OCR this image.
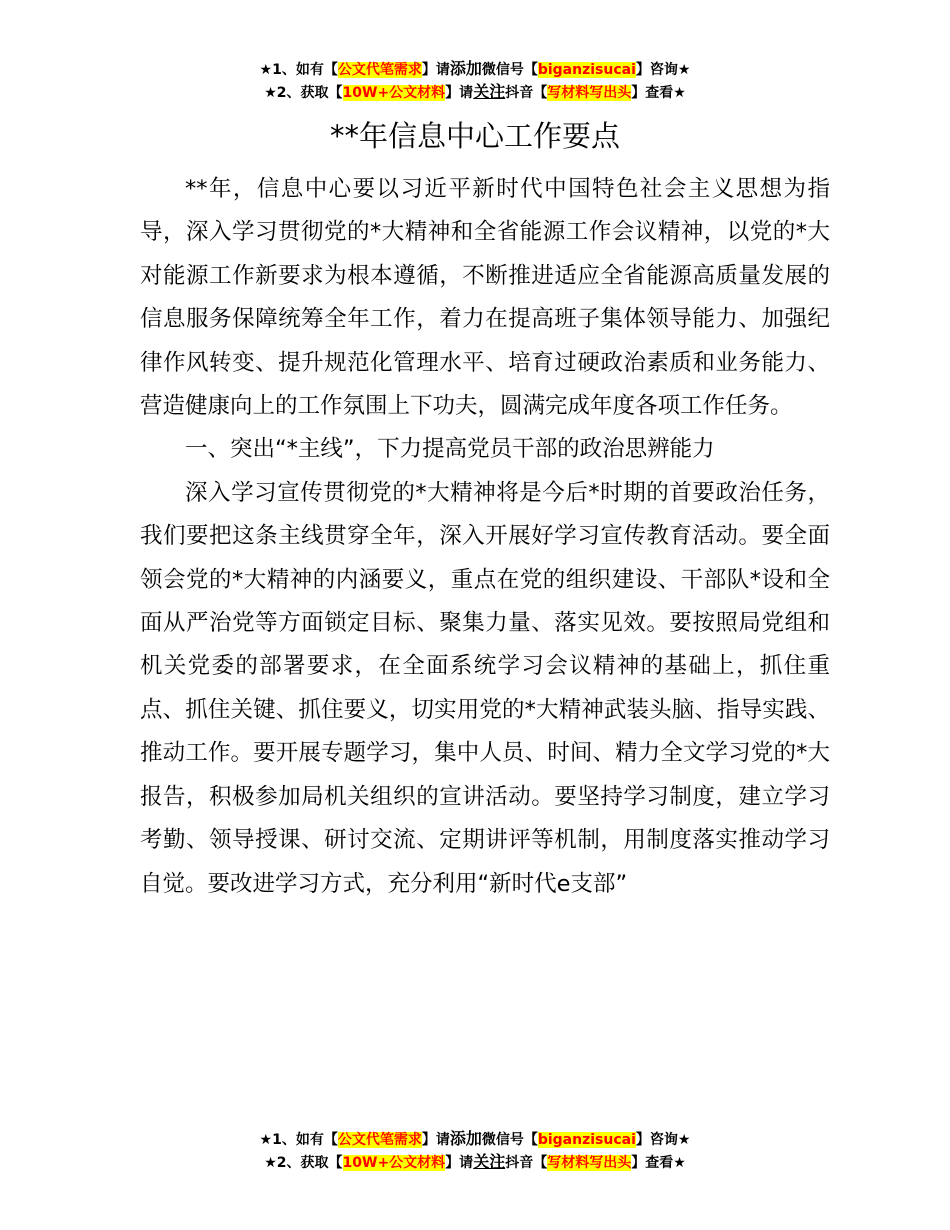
★1、如有【公文代笔需求】请添加微信号【biganzisucai】咨询★
★2、获取【10W+公文材料】请关注抖音【写材料写出头】查看★
**年信息中心工作要点

**年，信息中心要以习近平新时代中国特色社会主义思想为指导，深入学习贯彻党的*大精神和全省能源工作会议精神，以党的*大对能源工作新要求为根本遵循，不断推进适应全省能源高质量发展的信息服务保障统筹全年工作，着力在提高班子集体领导能力、加强纪律作风转变、提升规范化管理水平、培育过硬政治素质和业务能力、营造健康向上的工作氛围上下功夫，圆满完成年度各项工作任务。

一、突出“*主线”，下力提高党员干部的政治思辨能力

深入学习宣传贯彻党的*大精神将是今后*时期的首要政治任务，我们要把这条主线贯穿全年，深入开展好学习宣传教育活动。要全面领会党的*大精神的内涵要义，重点在党的组织建设、干部队*设和全面从严治党等方面锁定目标、聚集力量、落实见效。要按照局党组和机关党委的部署要求，在全面系统学习会议精神的基础上，抓住重点、抓住关键、抓住要义，切实用党的*大精神武装头脑、指导实践、推动工作。要开展专题学习，集中人员、时间、精力全文学习党的*大报告，积极参加局机关组织的宣讲活动。要坚持学习制度，建立学习考勤、领导授课、研讨交流、定期讲评等机制，用制度落实推动学习自觉。要改进学习方式，充分利用“新时代e支部”

★1、如有【公文代笔需求】请添加微信号【biganzisucai】咨询★
★2、获取【10W+公文材料】请关注抖音【写材料写出头】查看★
